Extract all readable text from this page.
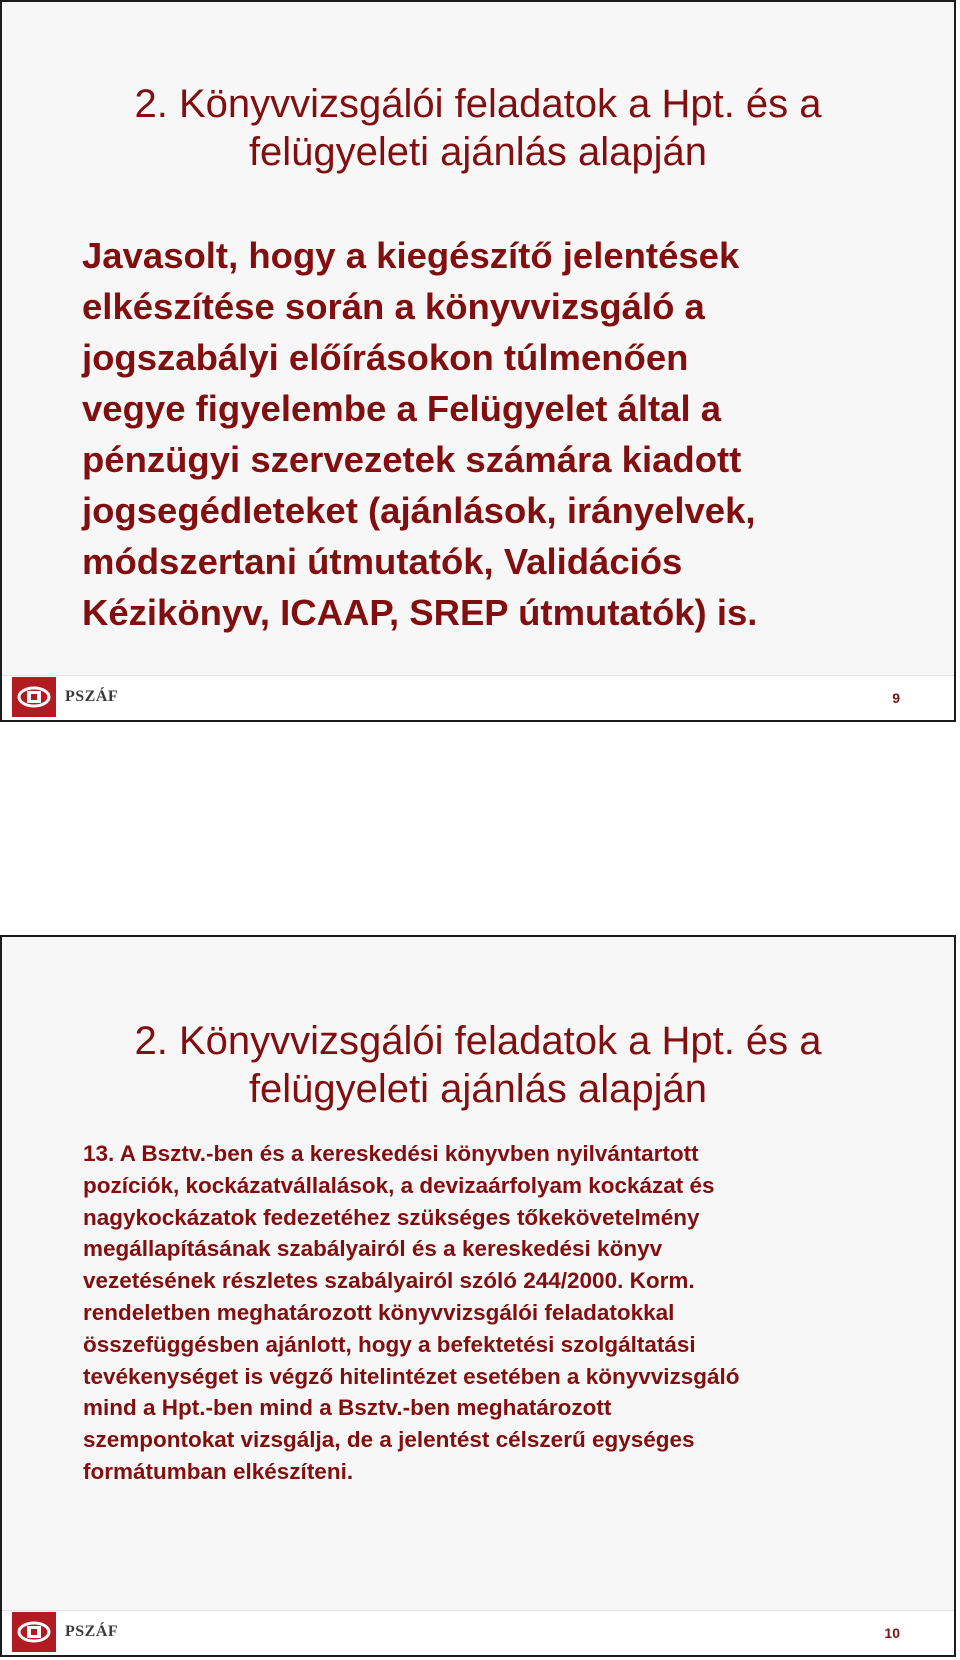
2. Könyvvizsgálói feladatok a Hpt. és a
felügyeleti ajánlás alapján

Javasolt, hogy a kiegészítő jelentések
elkészítése során a könyvvizsgáló a
jogszabályi előírásokon túlmenően
vegye figyelembe a Felügyelet által a
pénzügyi szervezetek számára kiadott
jogsegédleteket (ajánlások, irányelvek,
módszertani útmutatók, Validációs
Kézikönyv, ICAAP, SREP útmutatók) is.

PSZÁF	9
2. Könyvvizsgálói feladatok a Hpt. és a
felügyeleti ajánlás alapján

13. A Bsztv.-ben és a kereskedési könyvben nyilvántartott
pozíciók, kockázatvállalások, a devizaárfolyam kockázat és
nagykockázatok fedezetéhez szükséges tőkekövetelmény
megállapításának szabályairól és a kereskedési könyv
vezetésének részletes szabályairól szóló 244/2000. Korm.
rendeletben meghatározott könyvvizsgálói feladatokkal
összefüggésben ajánlott, hogy a befektetési szolgáltatási
tevékenységet is végző hitelintézet esetében a könyvvizsgáló
mind a Hpt.-ben mind a Bsztv.-ben meghatározott
szempontokat vizsgálja, de a jelentést célszerű egységes
formátumban elkészíteni.

PSZÁF	10
